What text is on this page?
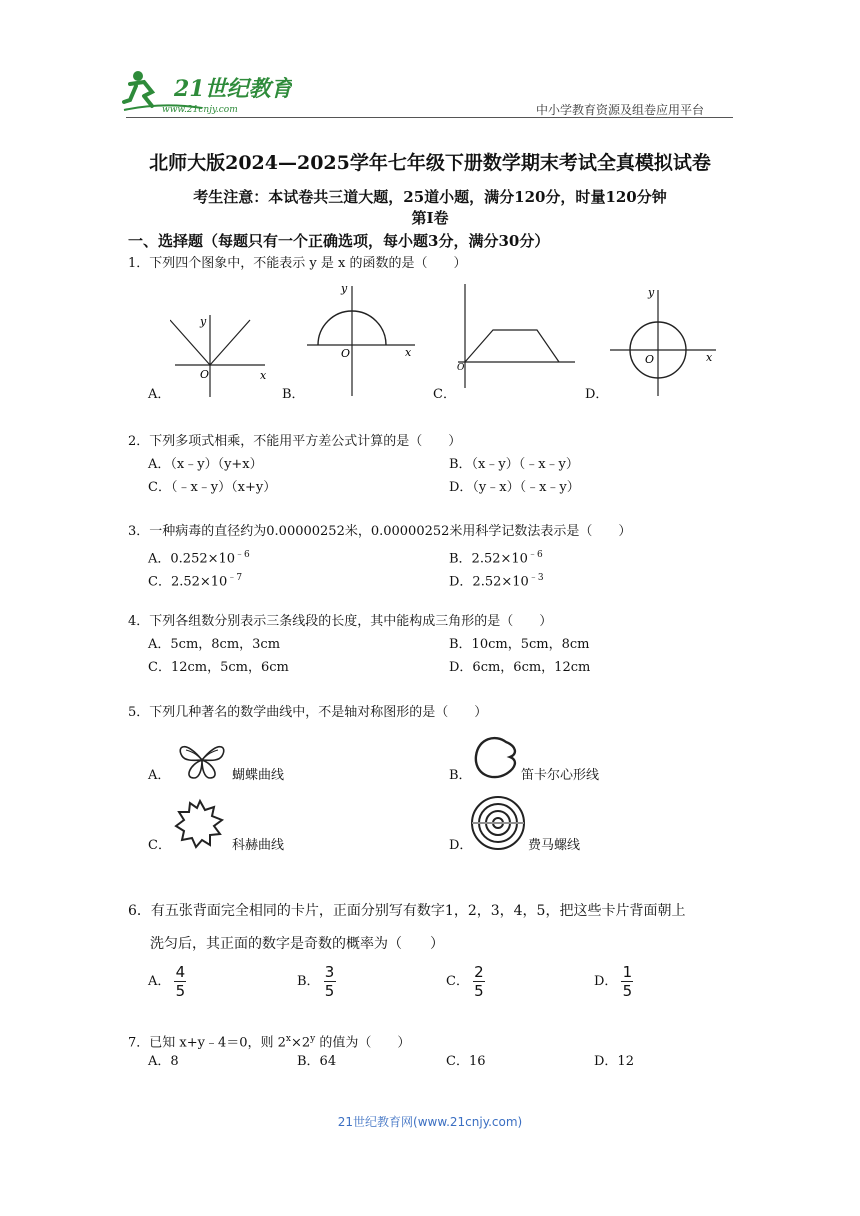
21世纪教育
www.21cnjy.com	中小学教育资源及组卷应用平台
北师大版2024—2025学年七年级下册数学期末考试全真模拟试卷
考生注意：本试卷共三道大题，25道小题，满分120分，时量120分钟
第Ⅰ卷
一、选择题（每题只有一个正确选项，每小题3分，满分30分）
1．下列四个图象中，不能表示 y 是 x 的函数的是（　　）
A．	B．	C．	D．
y
x
O
y
x
O
O
y
x
O
2．下列多项式相乘，不能用平方差公式计算的是（　　）
A．（x﹣y）（y+x）	B．（x﹣y）（﹣x﹣y）
C．（﹣x﹣y）（x+y）	D．（y﹣x）（﹣x﹣y）
3．一种病毒的直径约为0.00000252米，0.00000252米用科学记数法表示是（　　）
A．$0.252\times 10^{﹣6}$	B．$2.52\times 10^{﹣6}$
C．$2.52\times 10^{﹣7}$	D．$2.52\times 10^{﹣3}$
4．下列各组数分别表示三条线段的长度，其中能构成三角形的是（　　）
A．5cm，8cm，3cm	B．10cm，5cm，8cm
C．12cm，5cm，6cm	D．6cm，6cm，12cm
5．下列几种著名的数学曲线中，不是轴对称图形的是（　　）
A．	蝴蝶曲线	B．	笛卡尔心形线
C．	科赫曲线	D．	费马螺线
6．有五张背面完全相同的卡片，正面分别写有数字1，2，3，4，5，把这些卡片背面朝上
洗匀后，其正面的数字是奇数的概率为（　　）
A． $\frac{4}{5}$	B． $\frac{3}{5}$	C． $\frac{2}{5}$	D． $\frac{1}{5}$
7．已知 x+y﹣4＝0，则 $2^x\times 2^y$ 的值为（　　）
A．8	B．64	C．16	D．12
21世纪教育网(www.21cnjy.com)
